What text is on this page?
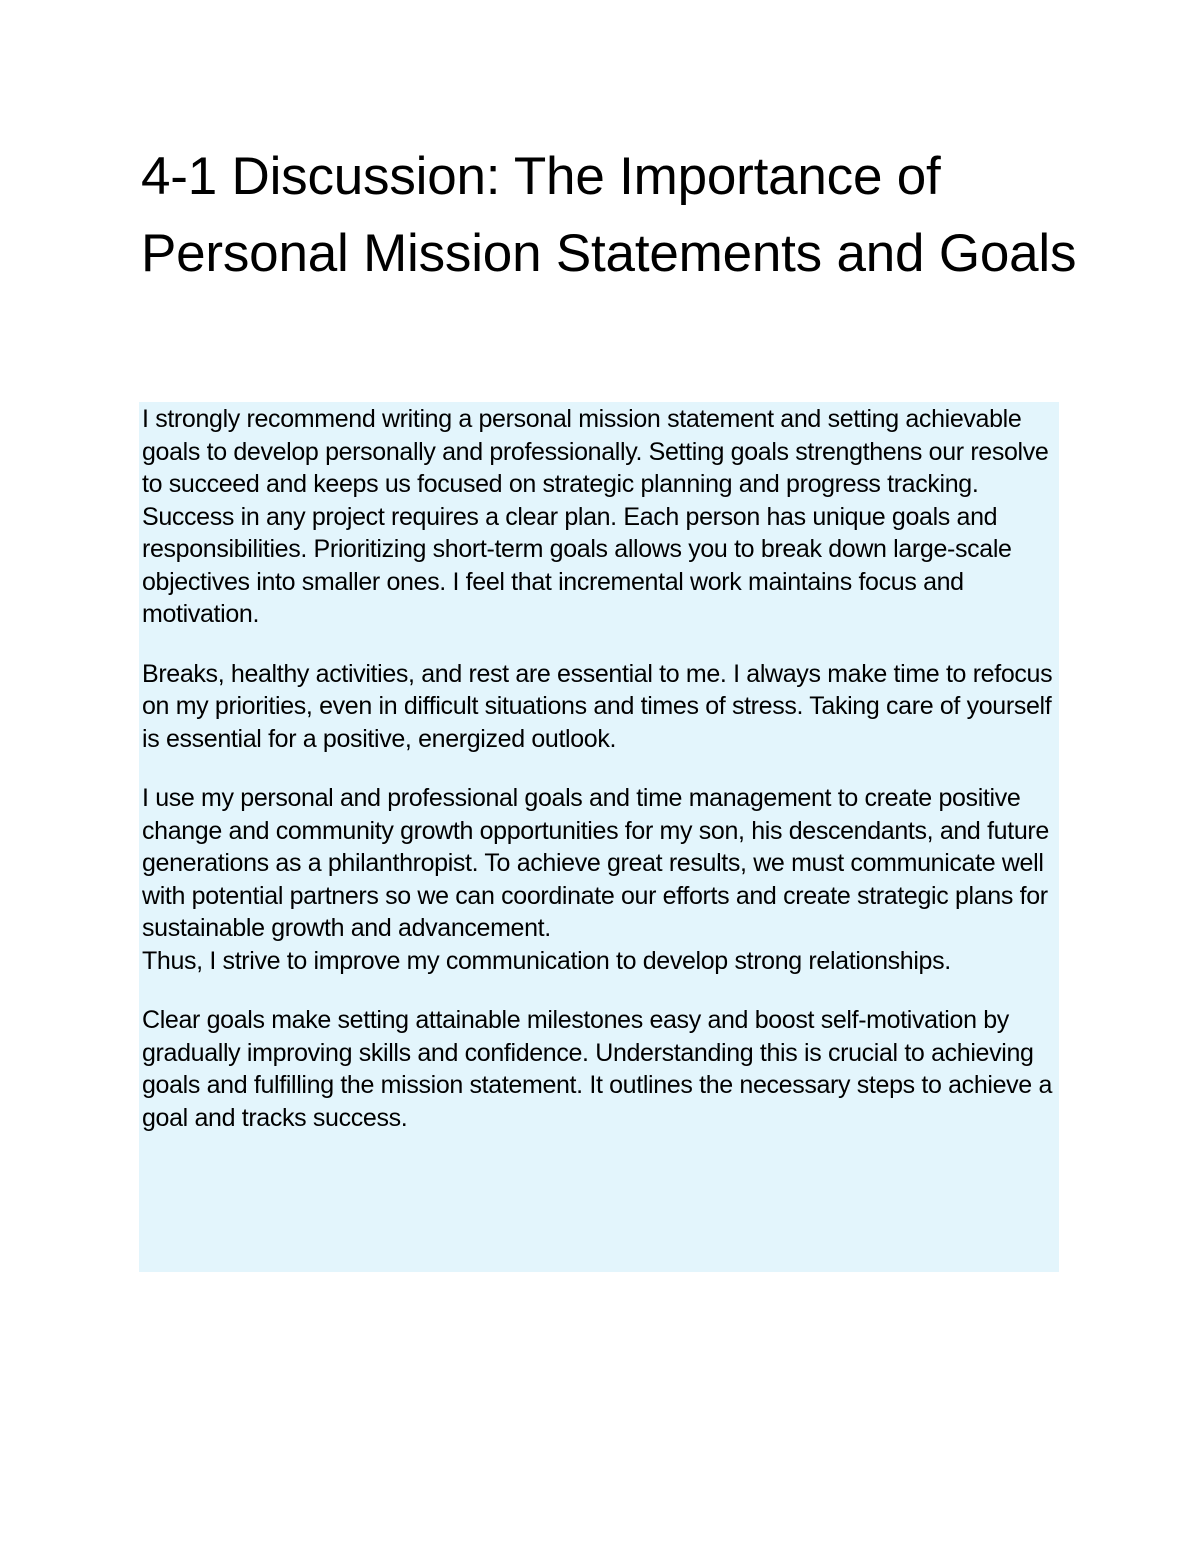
4-1 Discussion: The Importance of Personal Mission Statements and Goals

I strongly recommend writing a personal mission statement and setting achievable goals to develop personally and professionally. Setting goals strengthens our resolve to succeed and keeps us focused on strategic planning and progress tracking. Success in any project requires a clear plan. Each person has unique goals and responsibilities. Prioritizing short-term goals allows you to break down large-scale objectives into smaller ones. I feel that incremental work maintains focus and motivation.

Breaks, healthy activities, and rest are essential to me. I always make time to refocus on my priorities, even in difficult situations and times of stress. Taking care of yourself is essential for a positive, energized outlook.

I use my personal and professional goals and time management to create positive change and community growth opportunities for my son, his descendants, and future generations as a philanthropist. To achieve great results, we must communicate well with potential partners so we can coordinate our efforts and create strategic plans for sustainable growth and advancement.

Thus, I strive to improve my communication to develop strong relationships.

Clear goals make setting attainable milestones easy and boost self-motivation by gradually improving skills and confidence. Understanding this is crucial to achieving goals and fulfilling the mission statement. It outlines the necessary steps to achieve a goal and tracks success.
